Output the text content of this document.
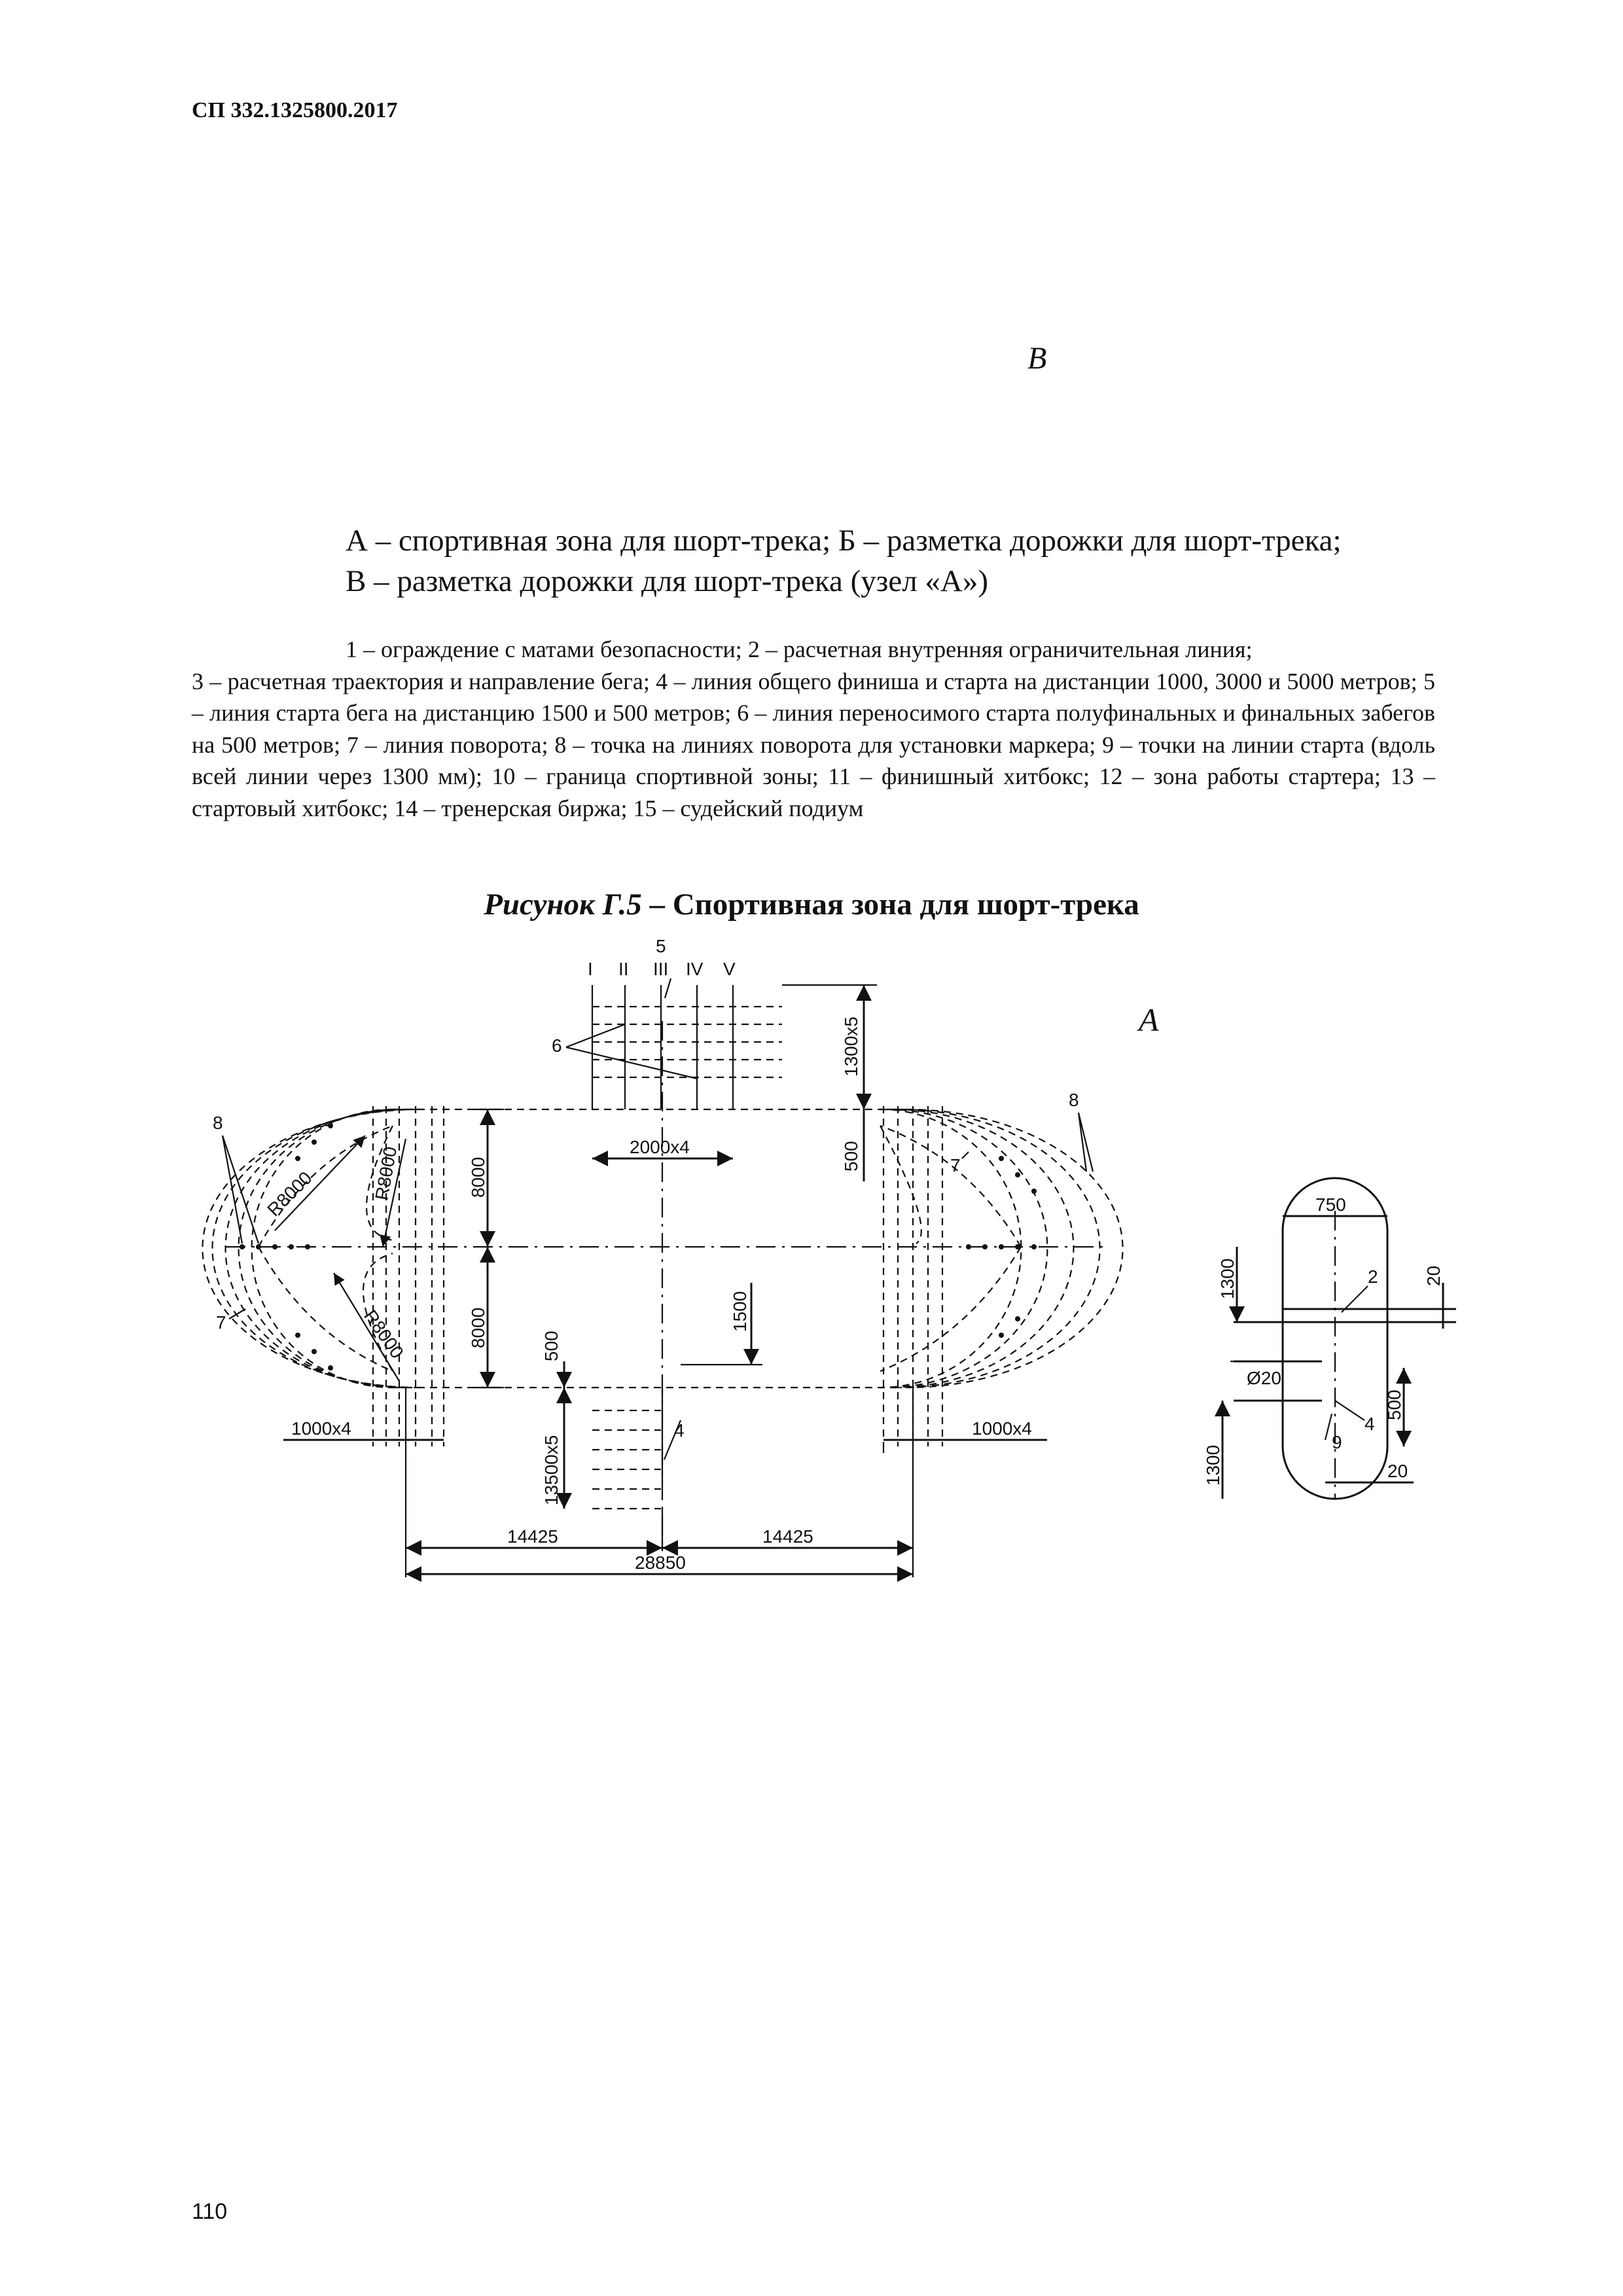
СП 332.1325800.2017
В
А – спортивная зона для шорт-трека; Б – разметка дорожки для шорт-трека;
В – разметка дорожки для шорт-трека (узел «А»)
1 – ограждение с матами безопасности; 2 – расчетная внутренняя ограничительная линия;
3 – расчетная траектория и направление бега; 4 – линия общего финиша и старта на дистанции 1000, 3000 и 5000 метров; 5 – линия старта бега на дистанцию 1500 и 500 метров; 6 – линия переносимого старта полуфинальных и финальных забегов на 500 метров; 7 – линия поворота; 8 – точка на линиях поворота для установки маркера; 9 – точки на линии старта (вдоль всей линии через 1300 мм); 10 – граница спортивной зоны; 11 – финишный хитбокс; 12 – зона работы стартера; 13 – стартовый хитбокс; 14 – тренерская биржа; 15 – судейский подиум
Рисунок Г.5 – Спортивная зона для шорт-трека
А
R8000	R8000
R8000
8
8
7
7
8000
8000
5
I II III IV V
6	1300x5
500
2000x4
4
500
13500x5
1500
1000x4	1000x4
14425	14425
28850
750
1300	20
2
Ø20
500
4
9
1300	20
110
